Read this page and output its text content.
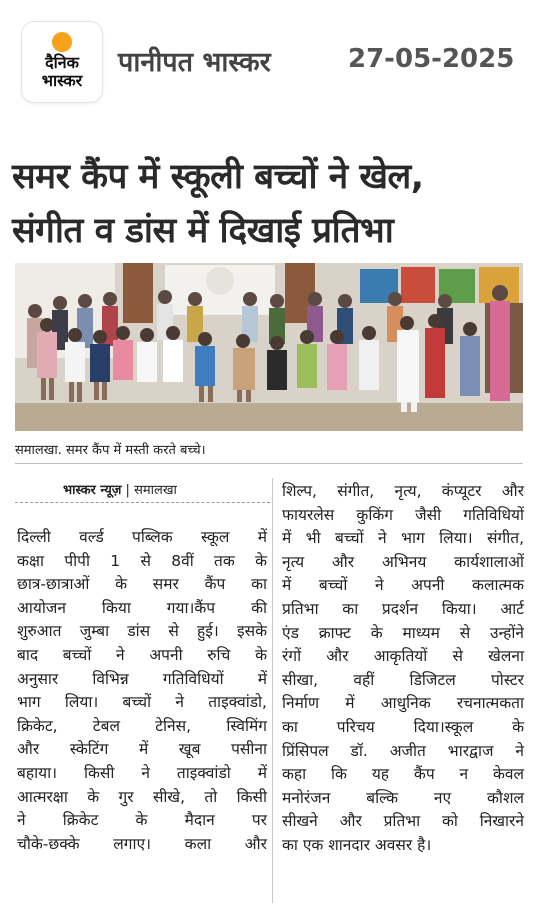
दैनिक
भास्कर
पानीपत भास्कर	27-05-2025
समर कैंप में स्कूली बच्चों ने खेल,
संगीत व डांस में दिखाई प्रतिभा
समालखा. समर कैंप में मस्ती करते बच्चे।
भास्कर न्यूज़ | समालखा
दिल्ली वर्ल्ड पब्लिक स्कूल में
कक्षा पीपी 1 से 8वीं तक के
छात्र-छात्राओं के समर कैंप का
आयोजन किया गया।कैंप की
शुरुआत जुम्बा डांस से हुई। इसके
बाद बच्चों ने अपनी रुचि के
अनुसार विभिन्न गतिविधियों में
भाग लिया। बच्चों ने ताइक्वांडो,
क्रिकेट, टेबल टेनिस, स्विमिंग
और स्केटिंग में खूब पसीना
बहाया। किसी ने ताइक्वांडो में
आत्मरक्षा के गुर सीखे, तो किसी
ने क्रिकेट के मैदान पर
चौके-छक्के लगाए। कला और
शिल्प, संगीत, नृत्य, कंप्यूटर और
फायरलेस कुकिंग जैसी गतिविधियों
में भी बच्चों ने भाग लिया। संगीत,
नृत्य और अभिनय कार्यशालाओं
में बच्चों ने अपनी कलात्मक
प्रतिभा का प्रदर्शन किया। आर्ट
एंड क्राफ्ट के माध्यम से उन्होंने
रंगों और आकृतियों से खेलना
सीखा, वहीं डिजिटल पोस्टर
निर्माण में आधुनिक रचनात्मकता
का परिचय दिया।स्कूल के
प्रिंसिपल डॉ. अजीत भारद्वाज ने
कहा कि यह कैंप न केवल
मनोरंजन बल्कि नए कौशल
सीखने और प्रतिभा को निखारने
का एक शानदार अवसर है।
